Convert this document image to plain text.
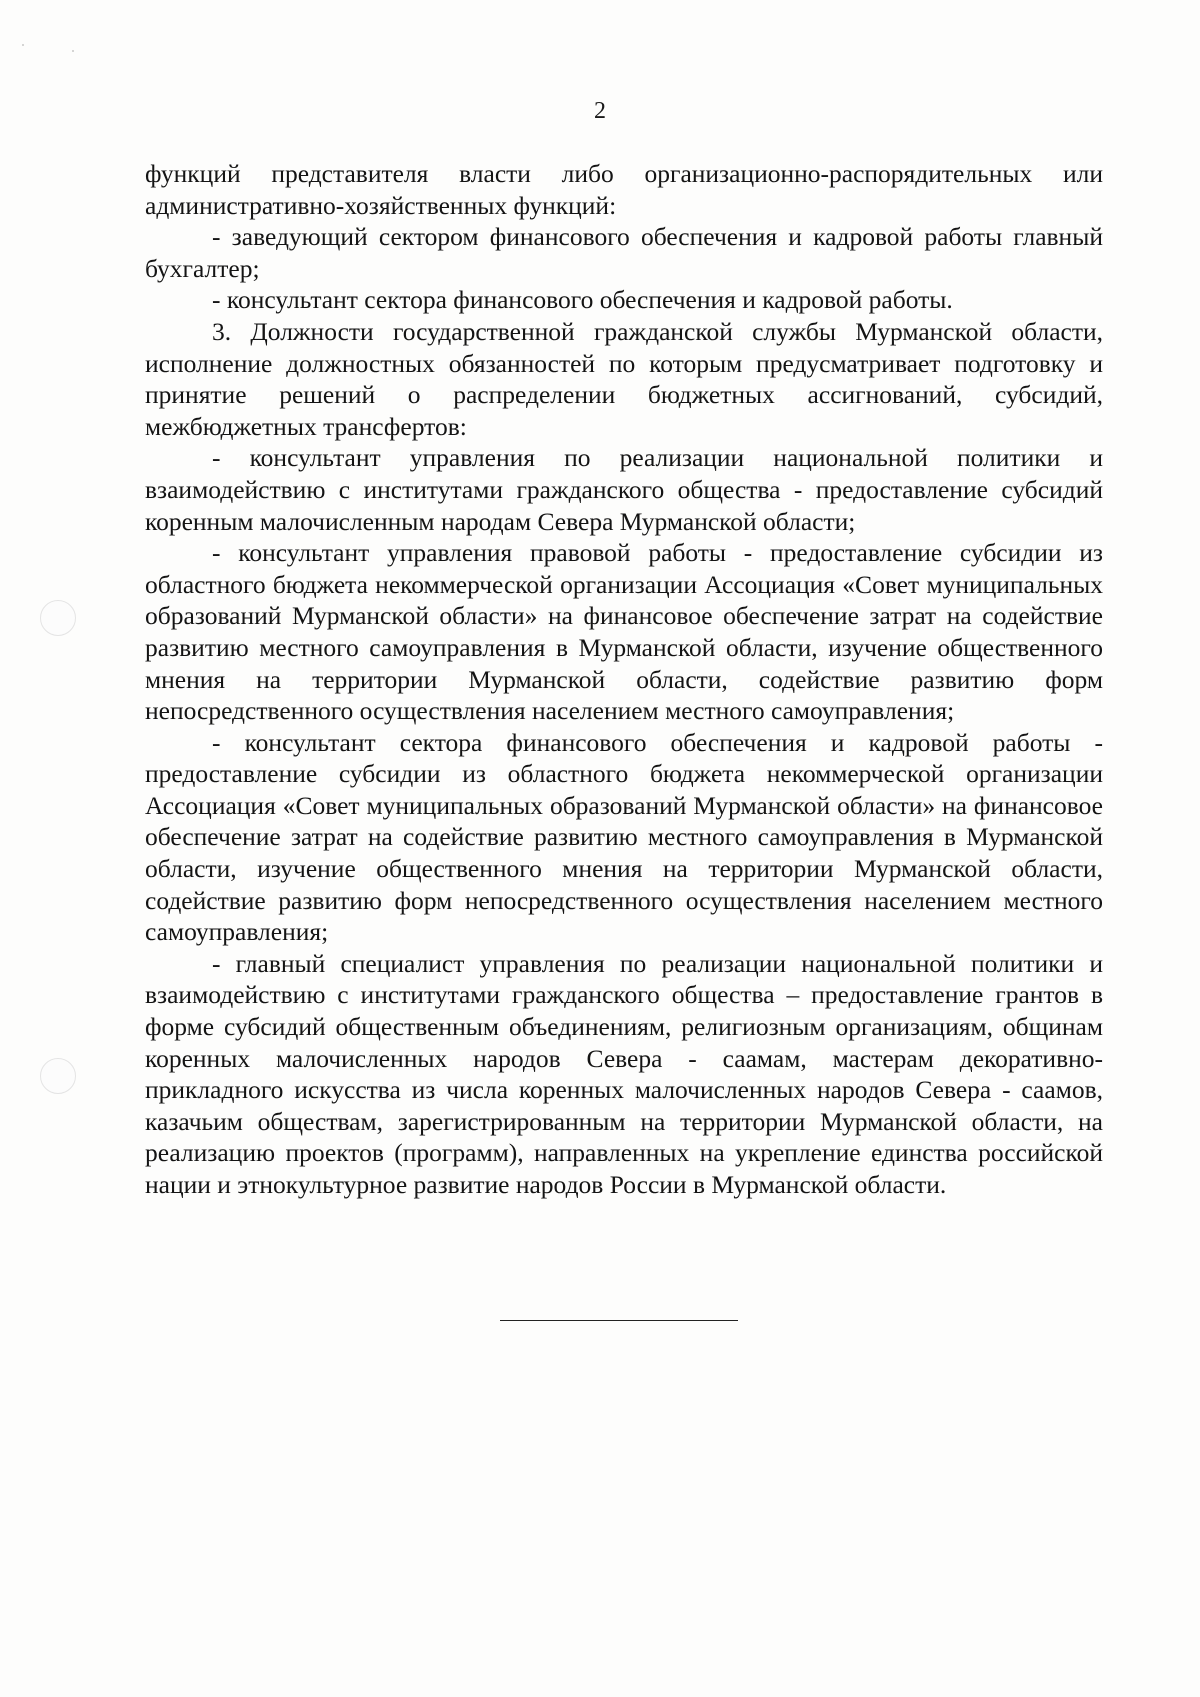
2

функций представителя власти либо организационно-распорядительных или административно-хозяйственных функций:

- заведующий сектором финансового обеспечения и кадровой работы главный бухгалтер;

- консультант сектора финансового обеспечения и кадровой работы.

3. Должности государственной гражданской службы Мурманской области, исполнение должностных обязанностей по которым предусматривает подготовку и принятие решений о распределении бюджетных ассигнований, субсидий, межбюджетных трансфертов:

- консультант управления по реализации национальной политики и взаимодействию с институтами гражданского общества - предоставление субсидий коренным малочисленным народам Севера Мурманской области;

- консультант управления правовой работы - предоставление субсидии из областного бюджета некоммерческой организации Ассоциация «Совет муниципальных образований Мурманской области» на финансовое обеспечение затрат на содействие развитию местного самоуправления в Мурманской области, изучение общественного мнения на территории Мурманской области, содействие развитию форм непосредственного осуществления населением местного самоуправления;

- консультант сектора финансового обеспечения и кадровой работы - предоставление субсидии из областного бюджета некоммерческой организации Ассоциация «Совет муниципальных образований Мурманской области» на финансовое обеспечение затрат на содействие развитию местного самоуправления в Мурманской области, изучение общественного мнения на территории Мурманской области, содействие развитию форм непосредственного осуществления населением местного самоуправления;

- главный специалист управления по реализации национальной политики и взаимодействию с институтами гражданского общества – предоставление грантов в форме субсидий общественным объединениям, религиозным организациям, общинам коренных малочисленных народов Севера - саамам, мастерам декоративно-прикладного искусства из числа коренных малочисленных народов Севера - саамов, казачьим обществам, зарегистрированным на территории Мурманской области, на реализацию проектов (программ), направленных на укрепление единства российской нации и этнокультурное развитие народов России в Мурманской области.
